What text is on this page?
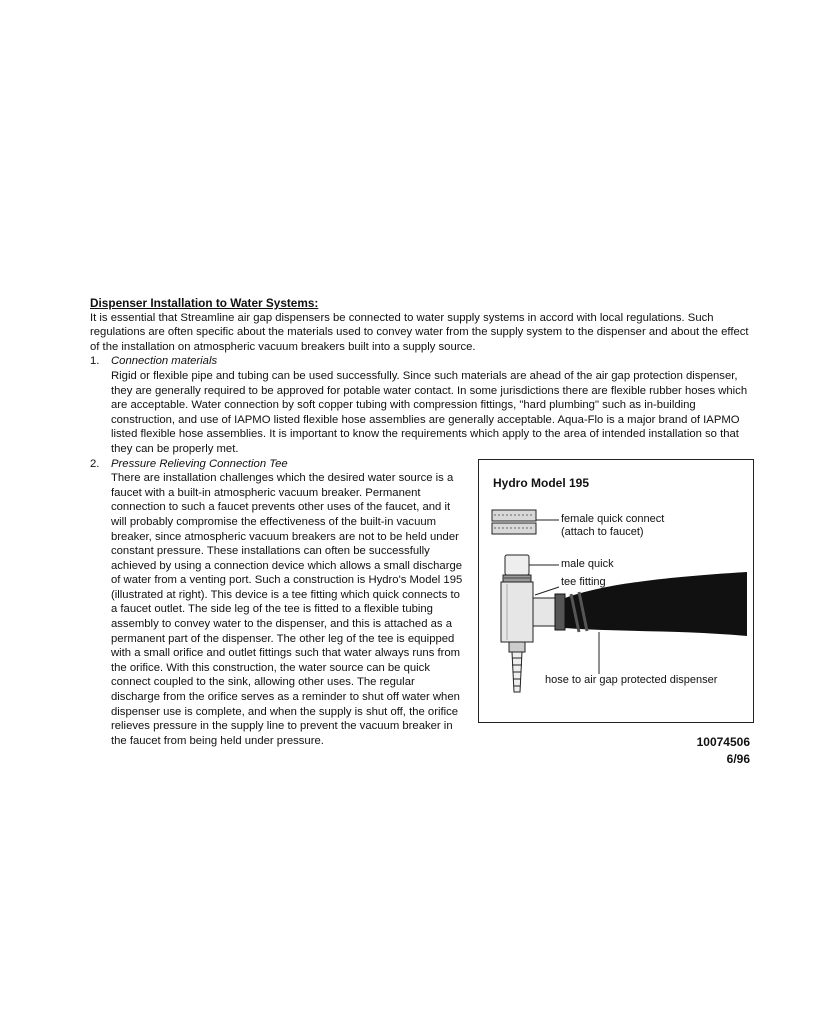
Dispenser Installation to Water Systems:
It is essential that Streamline air gap dispensers be connected to water supply systems in accord with local regulations. Such regulations are often specific about the materials used to convey water from the supply system to the dispenser and about the effect of the installation on atmospheric vacuum breakers built into a supply source.
1. Connection materials
Rigid or flexible pipe and tubing can be used successfully. Since such materials are ahead of the air gap protection dispenser, they are generally required to be approved for potable water contact. In some jurisdictions there are flexible rubber hoses which are acceptable. Water connection by soft copper tubing with compression fittings, "hard plumbing" such as in-building construction, and use of IAPMO listed flexible hose assemblies are generally acceptable. Aqua-Flo is a major brand of IAPMO listed flexible hose assemblies. It is important to know the requirements which apply to the area of intended installation so that they can be properly met.
2. Pressure Relieving Connection Tee
There are installation challenges which the desired water source is a faucet with a built-in atmospheric vacuum breaker. Permanent connection to such a faucet prevents other uses of the faucet, and it will probably compromise the effectiveness of the built-in vacuum breaker, since atmospheric vacuum breakers are not to be held under constant pressure. These installations can often be successfully achieved by using a connection device which allows a small discharge of water from a venting port. Such a construction is Hydro's Model 195 (illustrated at right). This device is a tee fitting which quick connects to a faucet outlet. The side leg of the tee is fitted to a flexible tubing assembly to convey water to the dispenser, and this is attached as a permanent part of the dispenser. The other leg of the tee is equipped with a small orifice and outlet fittings such that water always runs from the orifice. With this construction, the water source can be quick connect coupled to the sink, allowing other uses. The regular discharge from the orifice serves as a reminder to shut off water when dispenser use is complete, and when the supply is shut off, the orifice relieves pressure in the supply line to prevent the vacuum breaker in the faucet from being held under pressure.
Hydro Model 195
female quick connect
(attach to faucet)
male quick
tee fitting
hose to air gap protected dispenser
10074506
6/96
